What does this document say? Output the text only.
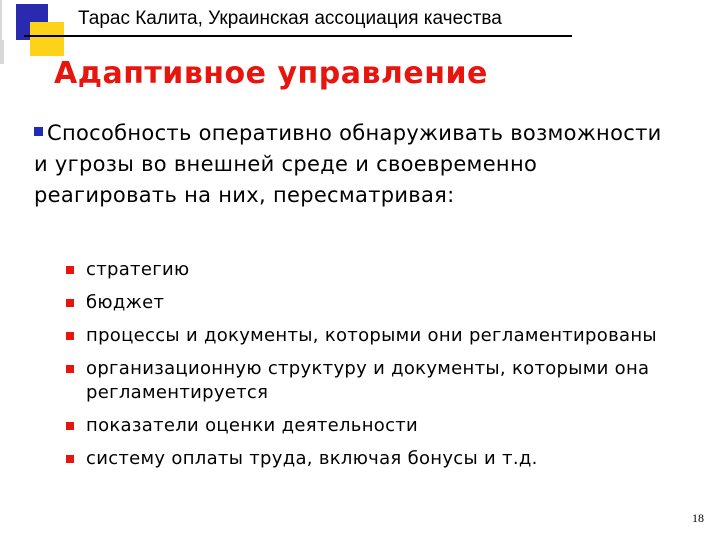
Тарас Калита, Украинская ассоциация качества
Адаптивное управление
Способность оперативно обнаруживать возможности и угрозы во внешней среде и своевременно реагировать на них, пересматривая:
стратегию
бюджет
процессы и документы, которыми они регламентированы
организационную структуру и документы, которыми она регламентируется
показатели оценки деятельности
систему оплаты труда, включая бонусы и т.д.
18
